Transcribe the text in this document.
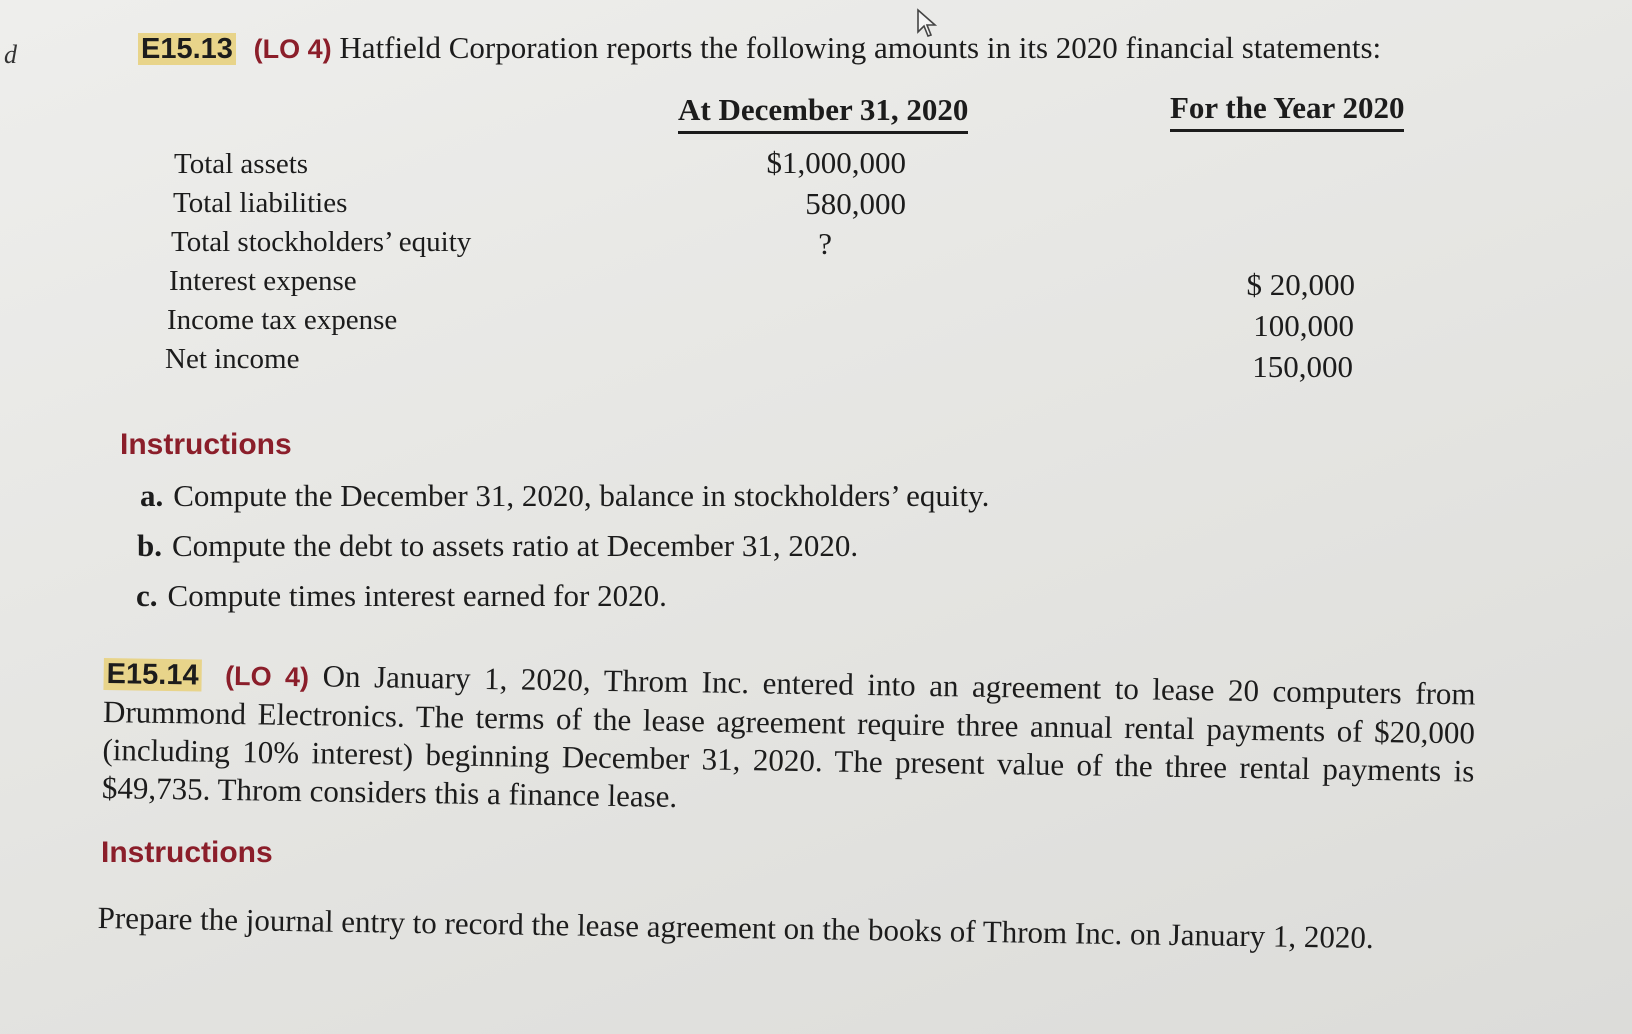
d	E15.13 (LO 4) Hatfield Corporation reports the following amounts in its 2020 financial statements:
At December 31, 2020	For the Year 2020
Total assets
Total liabilities
Total stockholders’ equity
Interest expense
Income tax expense
Net income
$1,000,000
580,000
?
$ 20,000
100,000
150,000
Instructions
a. Compute the December 31, 2020, balance in stockholders’ equity.
b. Compute the debt to assets ratio at December 31, 2020.
c. Compute times interest earned for 2020.
E15.14 (LO 4) On January 1, 2020, Throm Inc. entered into an agreement to lease 20 computers from Drummond Electronics. The terms of the lease agreement require three annual rental payments of $20,000 (including 10% interest) beginning December 31, 2020. The present value of the three rental payments is $49,735. Throm considers this a finance lease.
Instructions
Prepare the journal entry to record the lease agreement on the books of Throm Inc. on January 1, 2020.
